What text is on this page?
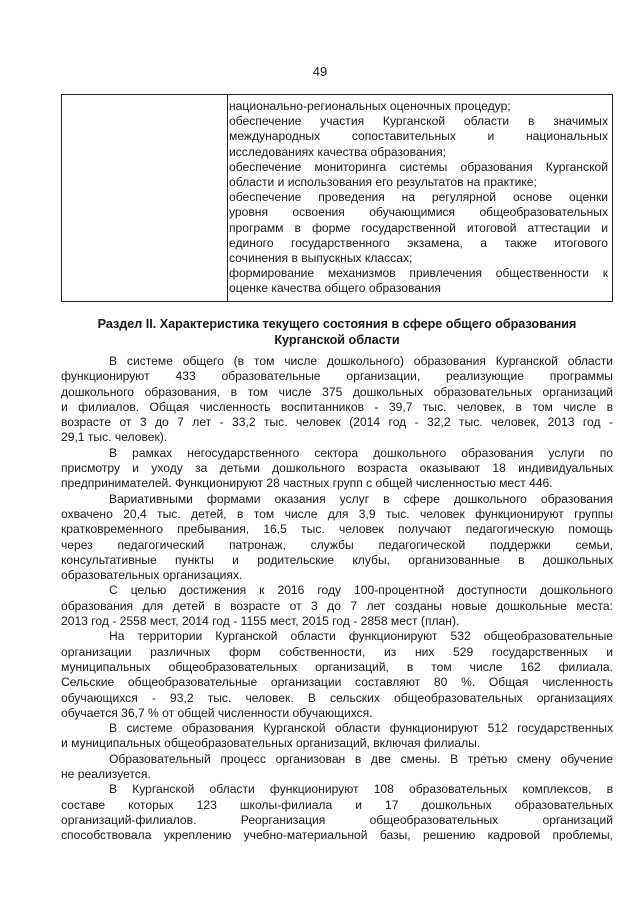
49
национально-региональных оценочных процедур;
обеспечение участия Курганской области в значимых
международных сопоставительных и национальных
исследованиях качества образования;
обеспечение мониторинга системы образования Курганской
области и использования его результатов на практике;
обеспечение проведения на регулярной основе оценки
уровня освоения обучающимися общеобразовательных
программ в форме государственной итоговой аттестации и
единого государственного экзамена, а также итогового
сочинения в выпускных классах;
формирование механизмов привлечения общественности к
оценке качества общего образования
Раздел II. Характеристика текущего состояния в сфере общего образования
Курганской области
В системе общего (в том числе дошкольного) образования Курганской области
функционируют 433 образовательные организации, реализующие программы
дошкольного образования, в том числе 375 дошкольных образовательных организаций
и филиалов. Общая численность воспитанников - 39,7 тыс. человек, в том числе в
возрасте от 3 до 7 лет - 33,2 тыс. человек (2014 год - 32,2 тыс. человек, 2013 год -
29,1 тыс. человек).
В рамках негосударственного сектора дошкольного образования услуги по
присмотру и уходу за детьми дошкольного возраста оказывают 18 индивидуальных
предпринимателей. Функционируют 28 частных групп с общей численностью мест 446.
Вариативными формами оказания услуг в сфере дошкольного образования
охвачено 20,4 тыс. детей, в том числе для 3,9 тыс. человек функционируют группы
кратковременного пребывания, 16,5 тыс. человек получают педагогическую помощь
через педагогический патронаж, службы педагогической поддержки семьи,
консультативные пункты и родительские клубы, организованные в дошкольных
образовательных организациях.
С целью достижения к 2016 году 100-процентной доступности дошкольного
образования для детей в возрасте от 3 до 7 лет созданы новые дошкольные места:
2013 год - 2558 мест, 2014 год - 1155 мест, 2015 год - 2858 мест (план).
На территории Курганской области функционируют 532 общеобразовательные
организации различных форм собственности, из них 529 государственных и
муниципальных общеобразовательных организаций, в том числе 162 филиала.
Сельские общеобразовательные организации составляют 80 %. Общая численность
обучающихся - 93,2 тыс. человек. В сельских общеобразовательных организациях
обучается 36,7 % от общей численности обучающихся.
В системе образования Курганской области функционируют 512 государственных
и муниципальных общеобразовательных организаций, включая филиалы.
Образовательный процесс организован в две смены. В третью смену обучение
не реализуется.
В Курганской области функционируют 108 образовательных комплексов, в
составе которых 123 школы-филиала и 17 дошкольных образовательных
организаций-филиалов. Реорганизация общеобразовательных организаций
способствовала укреплению учебно-материальной базы, решению кадровой проблемы,
